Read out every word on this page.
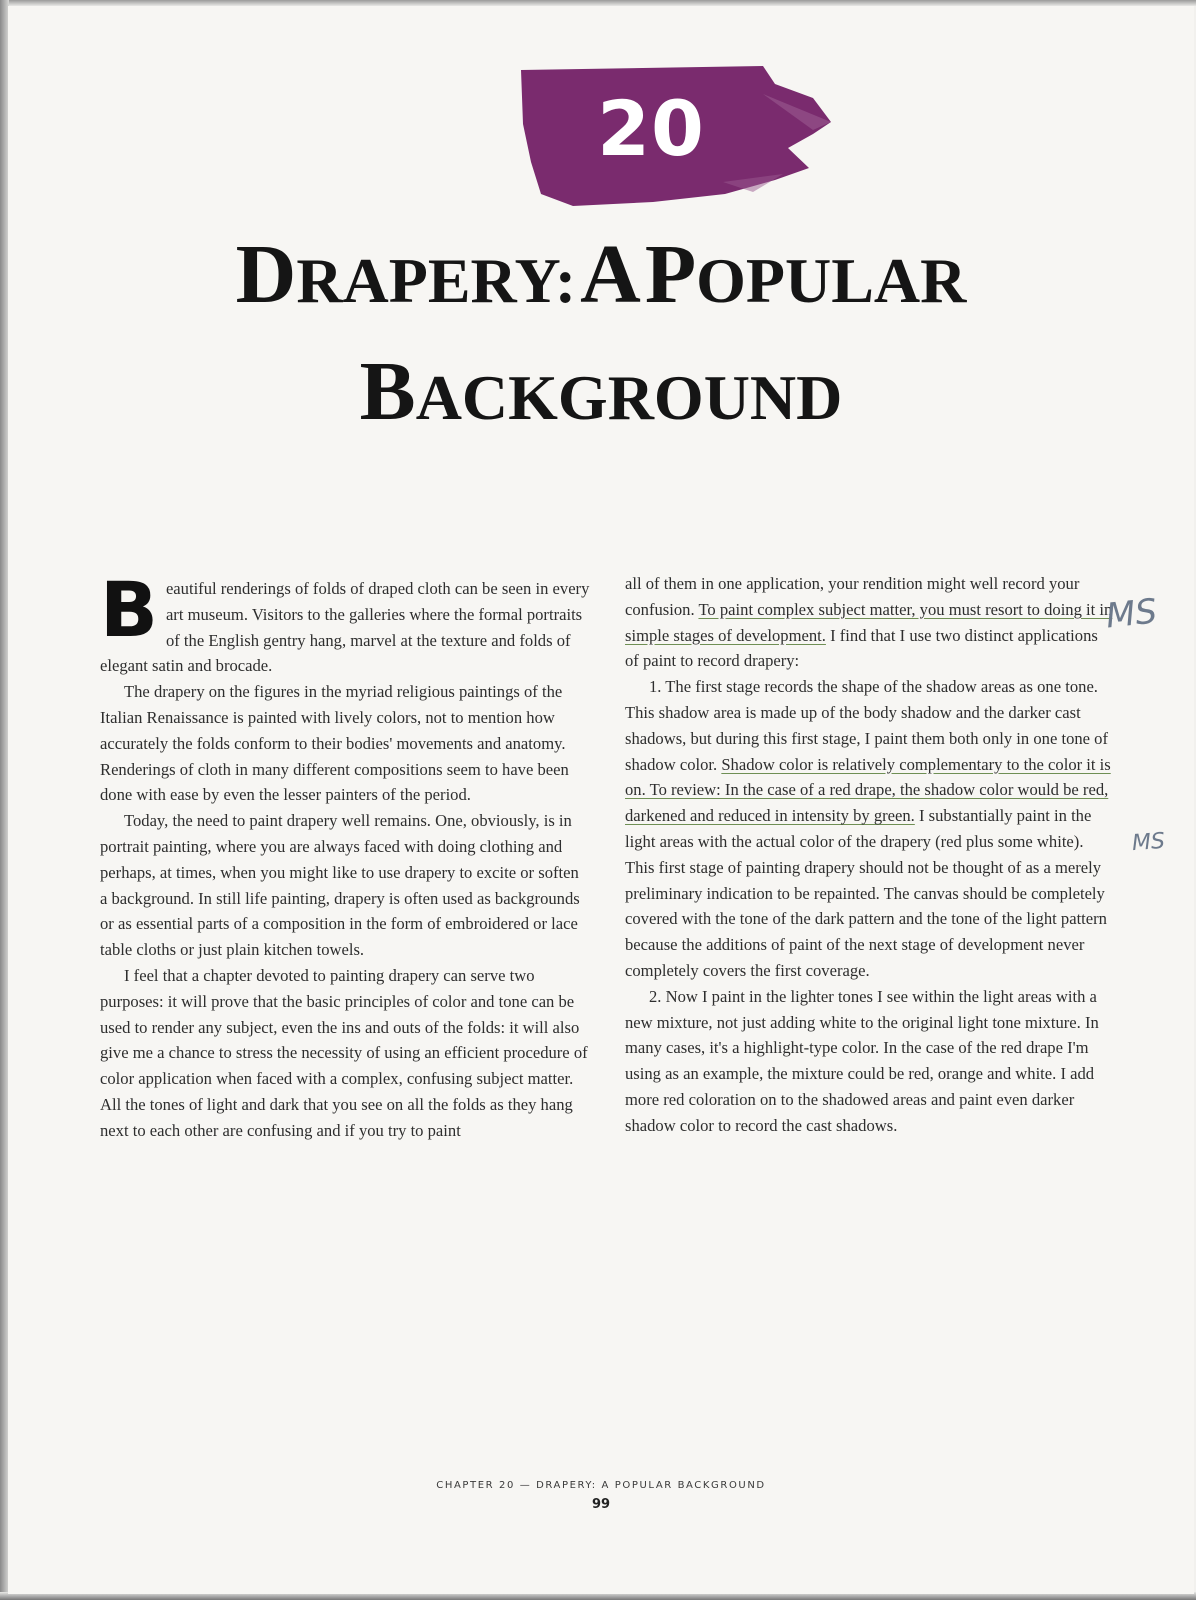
20
DRAPERY: A POPULAR
BACKGROUND

Beautiful renderings of folds of draped cloth can be seen in every art museum. Visitors to the galleries where the formal portraits of the English gentry hang, marvel at the texture and folds of elegant satin and brocade.

The drapery on the figures in the myriad religious paintings of the Italian Renaissance is painted with lively colors, not to mention how accurately the folds conform to their bodies' movements and anatomy. Renderings of cloth in many different compositions seem to have been done with ease by even the lesser painters of the period.

Today, the need to paint drapery well remains. One, obviously, is in portrait painting, where you are always faced with doing clothing and perhaps, at times, when you might like to use drapery to excite or soften a background. In still life painting, drapery is often used as backgrounds or as essential parts of a composition in the form of embroidered or lace table cloths or just plain kitchen towels.

I feel that a chapter devoted to painting drapery can serve two purposes: it will prove that the basic principles of color and tone can be used to render any subject, even the ins and outs of the folds: it will also give me a chance to stress the necessity of using an efficient procedure of color application when faced with a complex, confusing subject matter. All the tones of light and dark that you see on all the folds as they hang next to each other are confusing and if you try to paint

all of them in one application, your rendition might well record your confusion. To paint complex subject matter, you must resort to doing it in simple stages of development. I find that I use two distinct applications of paint to record drapery:

1. The first stage records the shape of the shadow areas as one tone. This shadow area is made up of the body shadow and the darker cast shadows, but during this first stage, I paint them both only in one tone of shadow color. Shadow color is relatively complementary to the color it is on. To review: In the case of a red drape, the shadow color would be red, darkened and reduced in intensity by green. I substantially paint in the light areas with the actual color of the drapery (red plus some white). This first stage of painting drapery should not be thought of as a merely preliminary indication to be repainted. The canvas should be completely covered with the tone of the dark pattern and the tone of the light pattern because the additions of paint of the next stage of development never completely covers the first coverage.

2. Now I paint in the lighter tones I see within the light areas with a new mixture, not just adding white to the original light tone mixture. In many cases, it's a highlight-type color. In the case of the red drape I'm using as an example, the mixture could be red, orange and white. I add more red coloration on to the shadowed areas and paint even darker shadow color to record the cast shadows.

MS
MS
CHAPTER 20 — DRAPERY: A POPULAR BACKGROUND
99
